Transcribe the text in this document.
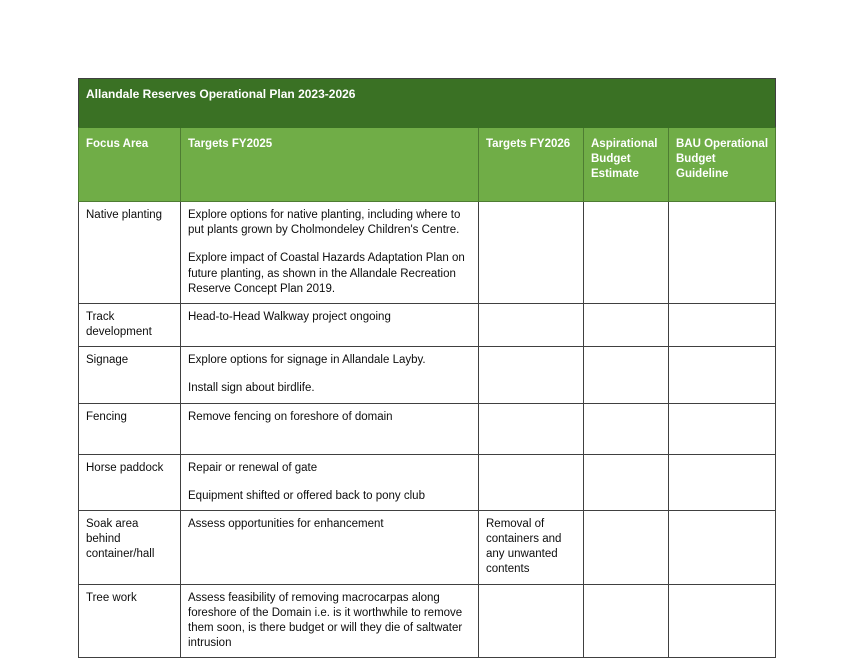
Allandale Reserves Operational Plan 2023-2026				
Focus Area	Targets FY2025	Targets FY2026	Aspirational Budget Estimate	BAU Operational Budget Guideline
Native planting	Explore options for native planting, including where to put plants grown by Cholmondeley Children's Centre.
Explore impact of Coastal Hazards Adaptation Plan on future planting, as shown in the Allandale Recreation Reserve Concept Plan 2019.			

Track development	Head-to-Head Walkway project ongoing			

Signage	Explore options for signage in Allandale Layby.
Install sign about birdlife.			

Fencing	Remove fencing on foreshore of domain			

Horse paddock	Repair or renewal of gate
Equipment shifted or offered back to pony club			

Soak area behind container/hall	Assess opportunities for enhancement	Removal of containers and any unwanted contents		

Tree work	Assess feasibility of removing macrocarpas along foreshore of the Domain i.e. is it worthwhile to remove them soon, is there budget or will they die of saltwater intrusion			
